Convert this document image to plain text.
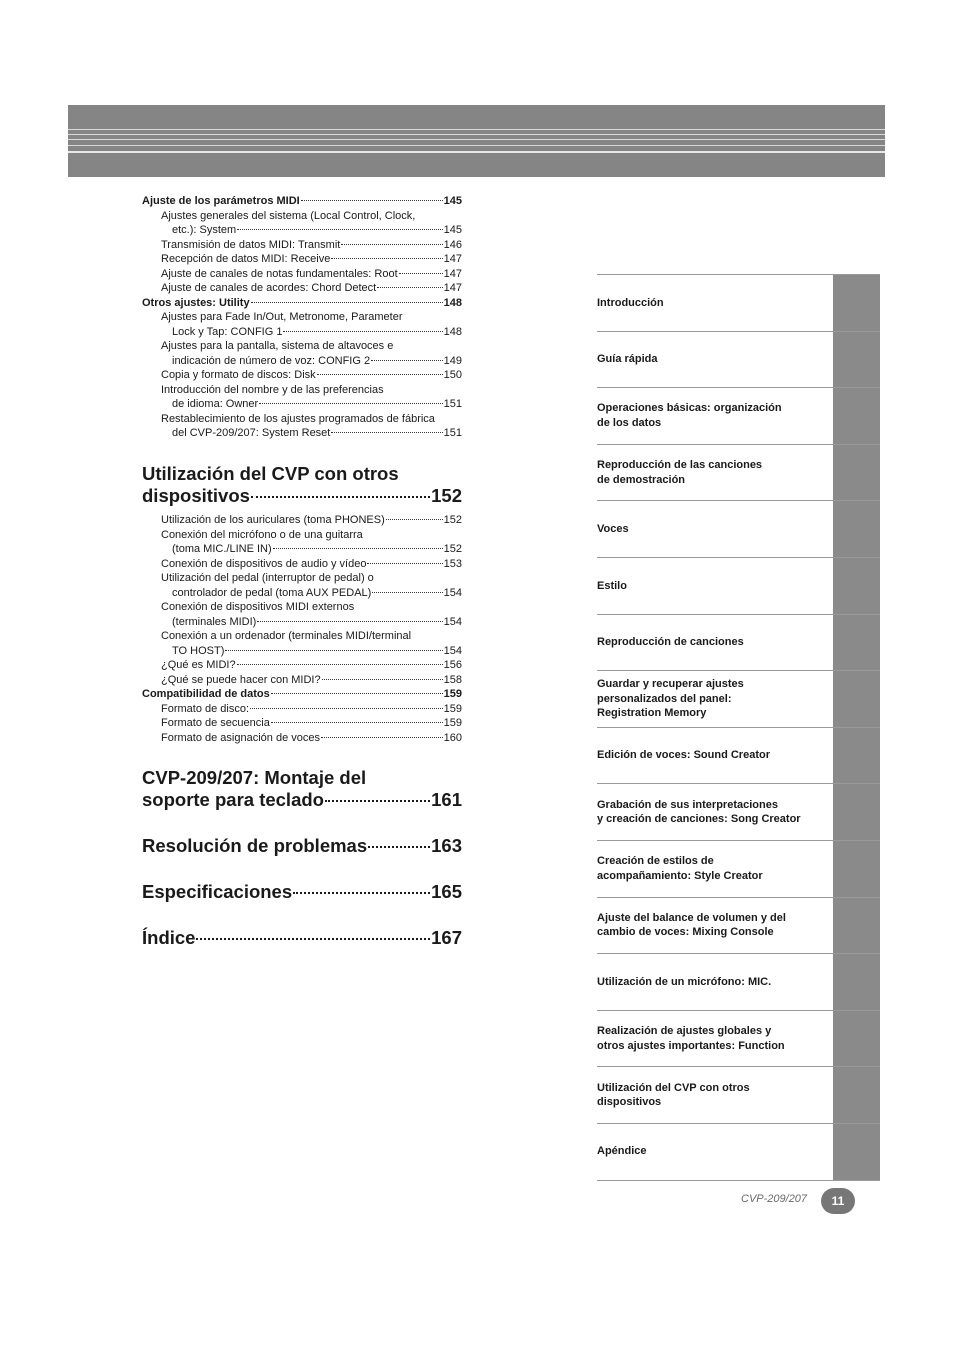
Ajuste de los parámetros MIDI	145
Ajustes generales del sistema (Local Control, Clock,
etc.): System	145
Transmisión de datos MIDI: Transmit	146
Recepción de datos MIDI: Receive	147
Ajuste de canales de notas fundamentales: Root	147
Ajuste de canales de acordes: Chord Detect	147
Otros ajustes: Utility	148
Ajustes para Fade In/Out, Metronome, Parameter
Lock y Tap: CONFIG 1	148
Ajustes para la pantalla, sistema de altavoces e
indicación de número de voz: CONFIG 2	149
Copia y formato de discos: Disk	150
Introducción del nombre y de las preferencias
de idioma: Owner	151
Restablecimiento de los ajustes programados de fábrica
del CVP-209/207: System Reset	151
Utilización del CVP con otros
dispositivos	152
Utilización de los auriculares (toma PHONES)	152
Conexión del micrófono o de una guitarra
(toma MIC./LINE IN)	152
Conexión de dispositivos de audio y vídeo	153
Utilización del pedal (interruptor de pedal) o
controlador de pedal (toma AUX PEDAL)	154
Conexión de dispositivos MIDI externos
(terminales MIDI)	154
Conexión a un ordenador (terminales MIDI/terminal
TO HOST)	154
¿Qué es MIDI?	156
¿Qué se puede hacer con MIDI?	158
Compatibilidad de datos	159
Formato de disco:	159
Formato de secuencia	159
Formato de asignación de voces	160
CVP-209/207: Montaje del
soporte para teclado	161
Resolución de problemas	163
Especificaciones	165
Índice	167
Introducción
Guía rápida
Operaciones básicas: organización
de los datos
Reproducción de las canciones
de demostración
Voces
Estilo
Reproducción de canciones
Guardar y recuperar ajustes
personalizados del panel:
Registration Memory
Edición de voces: Sound Creator
Grabación de sus interpretaciones
y creación de canciones: Song Creator
Creación de estilos de
acompañamiento: Style Creator
Ajuste del balance de volumen y del
cambio de voces: Mixing Console
Utilización de un micrófono: MIC.
Realización de ajustes globales y
otros ajustes importantes: Function
Utilización del CVP con otros
dispositivos
Apéndice
CVP-209/207	11
